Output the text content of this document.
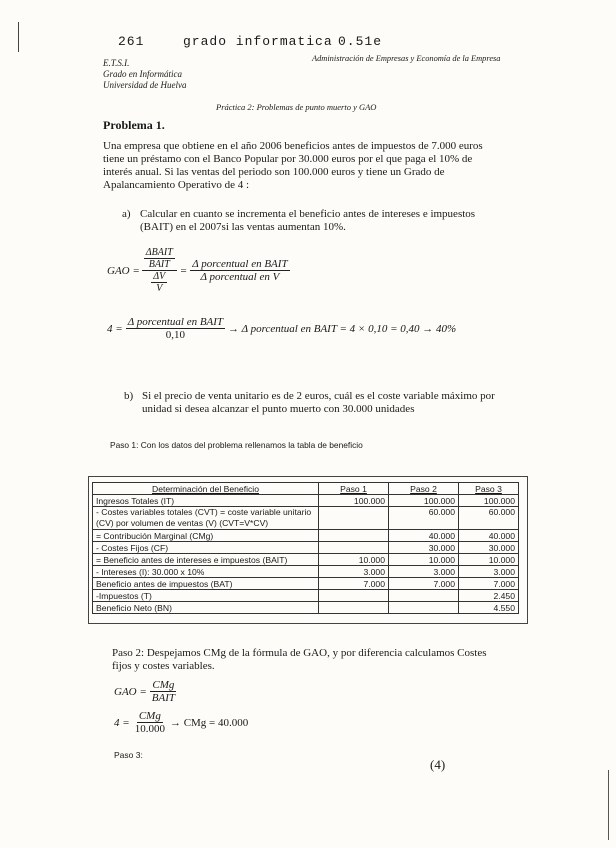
261	grado informatica 0.51e
E.T.S.I.
Grado en Informática
Universidad de Huelva
Administración de Empresas y Economía de la Empresa
Práctica 2: Problemas de punto muerto y GAO
Problema 1.
Una empresa que obtiene en el año 2006 beneficios antes de impuestos de 7.000 euros
tiene un préstamo con el Banco Popular por 30.000 euros por el que paga el 10% de
interés anual. Si las ventas del periodo son 100.000 euros y tiene un Grado de
Apalancamiento Operativo de 4 :
a) Calcular en cuanto se incrementa el beneficio antes de intereses e impuestos
(BAIT) en el 2007si las ventas aumentan 10%.
GAO = $\frac{\frac{\text{ΔBAIT}}{\text{BAIT}}}{\frac{\Delta V}{V}} = \frac{\text{Δ porcentual en BAIT}}{\text{Δ porcentual en V}}$
$4 = \frac{\text{Δ porcentual en BAIT}}{0,10} \to \Delta$ porcentual en BAIT = 4 × 0,10 = 0,40 → 40%
b) Si el precio de venta unitario es de 2 euros, cuál es el coste variable máximo por
unidad si desea alcanzar el punto muerto con 30.000 unidades
Paso 1: Con los datos del problema rellenamos la tabla de beneficio
Determinación del Beneficio	Paso 1	Paso 2	Paso 3
Ingresos Totales (IT)	100.000	100.000	100.000
- Costes variables totales (CVT) = coste variable unitario (CV) por volumen de ventas (V) (CVT=V*CV)		60.000	60.000
= Contribución Marginal (CMg)		40.000	40.000
- Costes Fijos (CF)		30.000	30.000
= Beneficio antes de intereses e impuestos (BAIT)	10.000	10.000	10.000
- Intereses (I): 30.000 x 10%	3.000	3.000	3.000
Beneficio antes de impuestos (BAT)	7.000	7.000	7.000
-Impuestos (T)			2.450
Beneficio Neto (BN)			4.550
Paso 2: Despejamos CMg de la fórmula de GAO, y por diferencia calculamos Costes
fijos y costes variables.
GAO = $\frac{\text{CMg}}{\text{BAIT}}$
$4 = \frac{\text{CMg}}{10.000}$ → CMg = 40.000
Paso 3:
(4)
